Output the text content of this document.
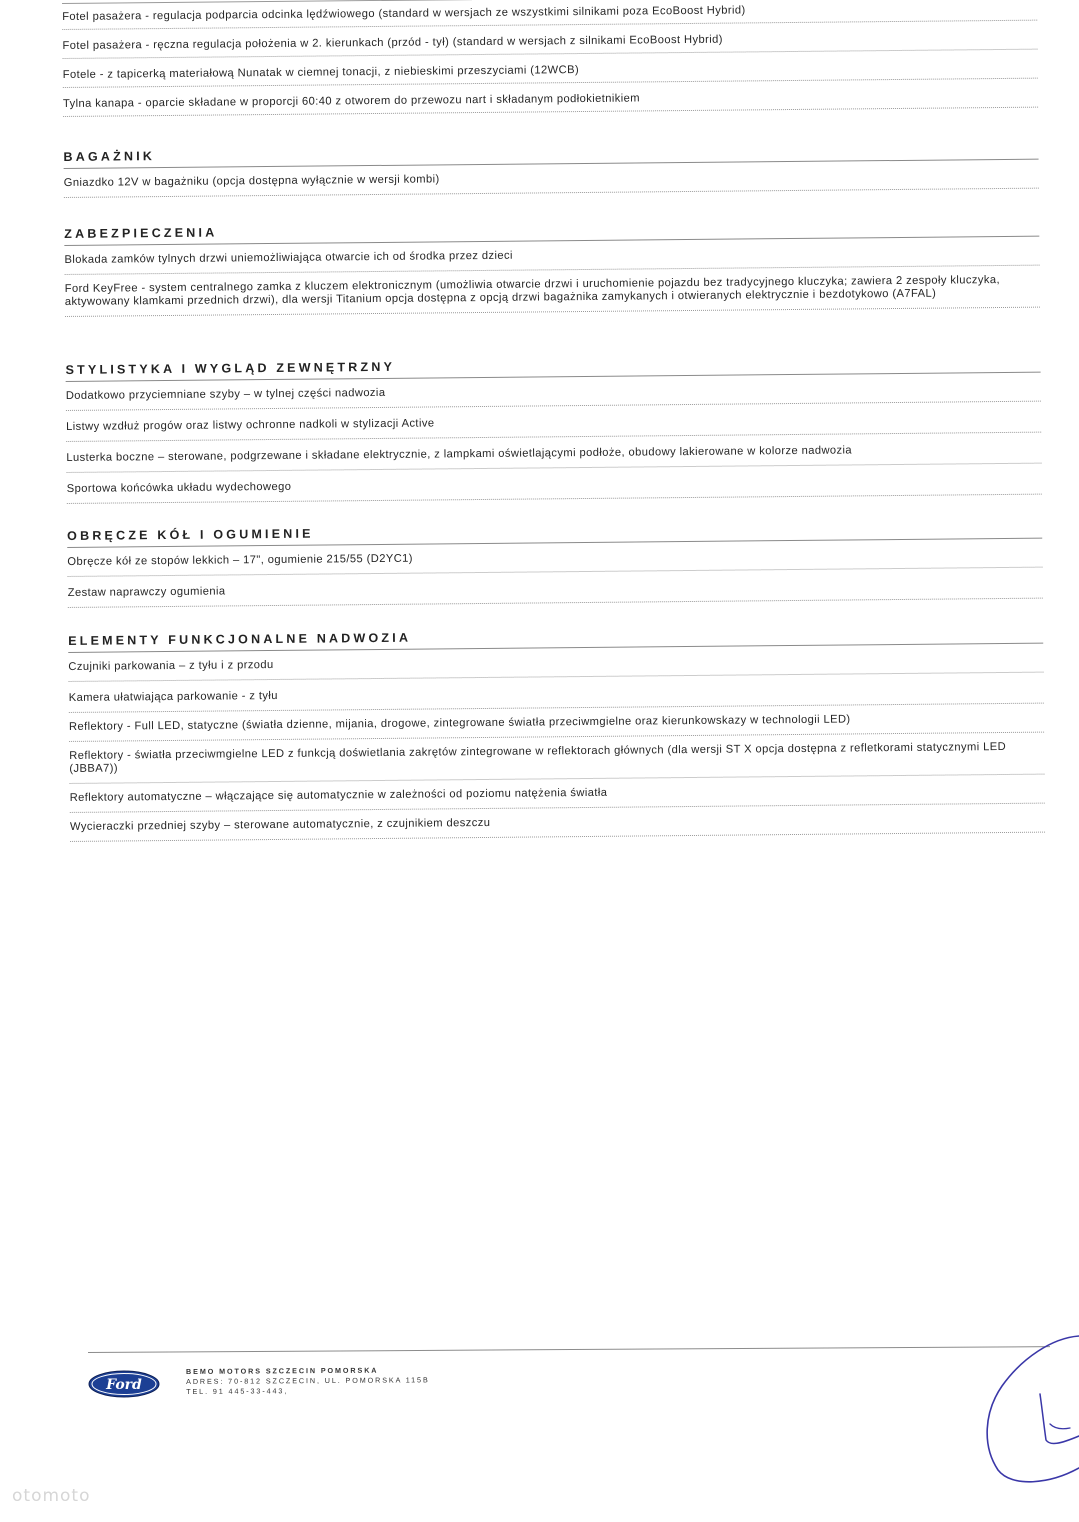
Fotel pasażera - regulacja podparcia odcinka lędźwiowego (standard w wersjach ze wszystkimi silnikami poza EcoBoost Hybrid)
Fotel pasażera - ręczna regulacja położenia w 2. kierunkach (przód - tył) (standard w wersjach z silnikami EcoBoost Hybrid)
Fotele - z tapicerką materiałową Nunatak w ciemnej tonacji, z niebieskimi przeszyciami (12WCB)
Tylna kanapa - oparcie składane w proporcji 60:40 z otworem do przewozu nart i składanym podłokietnikiem
BAGAŻNIK
Gniazdko 12V w bagażniku (opcja dostępna wyłącznie w wersji kombi)
ZABEZPIECZENIA
Blokada zamków tylnych drzwi uniemożliwiająca otwarcie ich od środka przez dzieci
Ford KeyFree - system centralnego zamka z kluczem elektronicznym (umożliwia otwarcie drzwi i uruchomienie pojazdu bez tradycyjnego kluczyka; zawiera 2 zespoły kluczyka, aktywowany klamkami przednich drzwi), dla wersji Titanium opcja dostępna z opcją drzwi bagażnika zamykanych i otwieranych elektrycznie i bezdotykowo (A7FAL)
STYLISTYKA I WYGLĄD ZEWNĘTRZNY
Dodatkowo przyciemniane szyby – w tylnej części nadwozia
Listwy wzdłuż progów oraz listwy ochronne nadkoli w stylizacji Active
Lusterka boczne – sterowane, podgrzewane i składane elektrycznie, z lampkami oświetlającymi podłoże, obudowy lakierowane w kolorze nadwozia
Sportowa końcówka układu wydechowego
OBRĘCZE KÓŁ I OGUMIENIE
Obręcze kół ze stopów lekkich – 17", ogumienie 215/55 (D2YC1)
Zestaw naprawczy ogumienia
ELEMENTY FUNKCJONALNE NADWOZIA
Czujniki parkowania – z tyłu i z przodu
Kamera ułatwiająca parkowanie - z tyłu
Reflektory - Full LED, statyczne (światła dzienne, mijania, drogowe, zintegrowane światła przeciwmgielne oraz kierunkowskazy w technologii LED)
Reflektory - światła przeciwmgielne LED z funkcją doświetlania zakrętów zintegrowane w reflektorach głównych (dla wersji ST X opcja dostępna z refletkorami statycznymi LED (JBBA7))
Reflektory automatyczne – włączające się automatycznie w zależności od poziomu natężenia światła
Wycieraczki przedniej szyby – sterowane automatycznie, z czujnikiem deszczu
Ford
BEMO MOTORS SZCZECIN POMORSKA
ADRES: 70-812 SZCZECIN, UL. POMORSKA 115B
TEL. 91 445-33-443,
otomoto
